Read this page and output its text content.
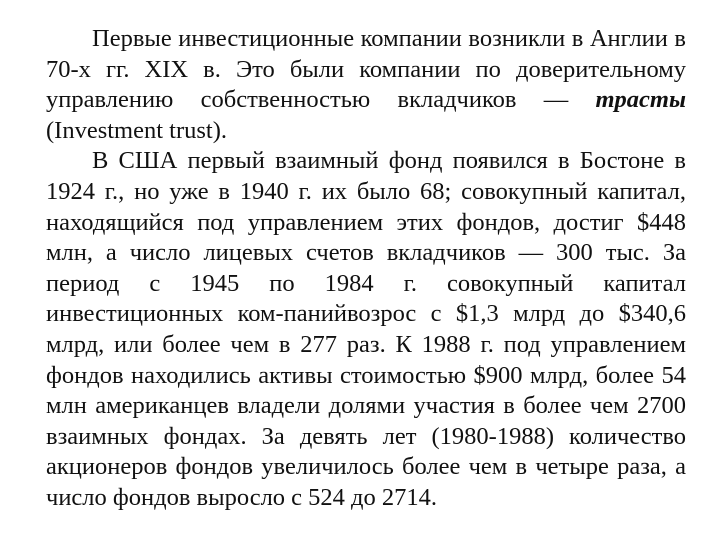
Первые инвестиционные компании возникли в Англии в 70-х гг. XIX в. Это были компании по доверительному управлению собственностью вкладчиков — трасты (Investment trust).

В США первый взаимный фонд появился в Бостоне в 1924 г., но уже в 1940 г. их было 68; совокупный капитал, находящийся под управлением этих фондов, достиг $448 млн, а число лицевых счетов вкладчиков — 300 тыс. За период с 1945 по 1984 г. совокупный капитал инвестиционных ком-панийвозрос с $1,3 млрд до $340,6 млрд, или более чем в 277 раз. К 1988 г. под управлением фондов находились активы стоимостью $900 млрд, более 54 млн американцев владели долями участия в более чем 2700 взаимных фондах. За девять лет (1980-1988) количество акционеров фондов увеличилось более чем в четыре раза, а число фондов выросло с 524 до 2714.
